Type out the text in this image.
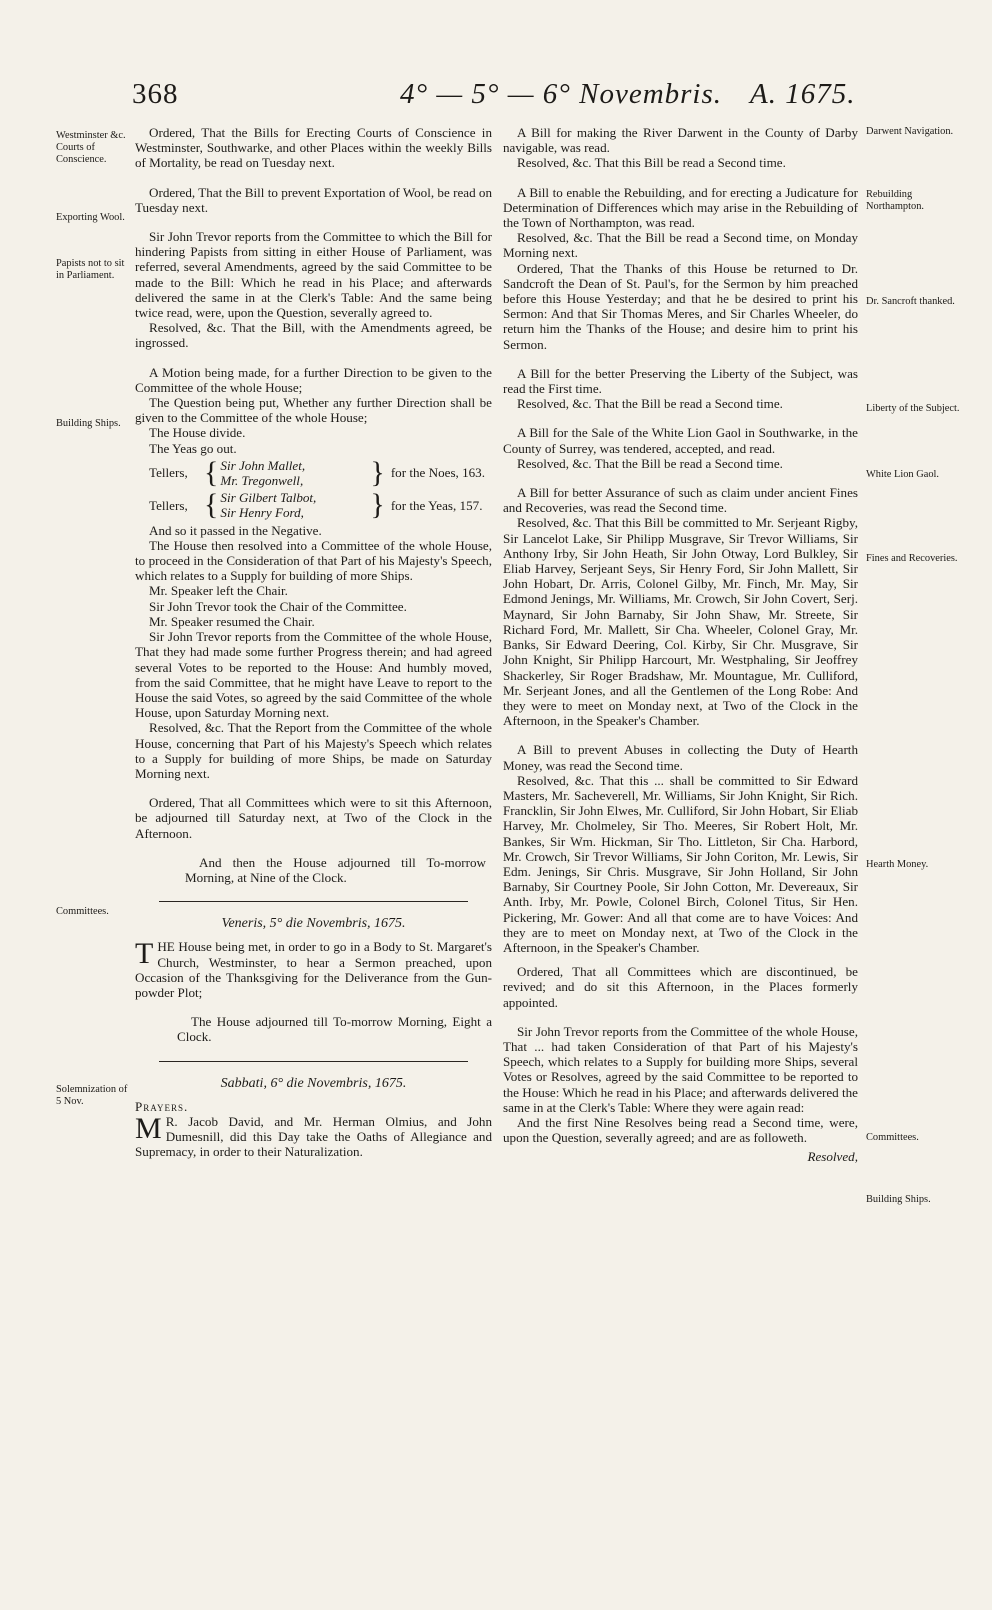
368	4° — 5° — 6° Novembris. A. 1675.
Westminster &c. Courts of Conscience.
Exporting Wool.
Papists not to sit in Parliament.
Building Ships.
Committees.
Solemnization of 5 Nov.
Darwent Navigation.
Rebuilding Northampton.
Dr. Sancroft thanked.
Liberty of the Subject.
White Lion Gaol.
Fines and Recoveries.
Hearth Money.
Committees.
Building Ships.

Ordered, That the Bills for Erecting Courts of Conscience in Westminster, Southwarke, and other Places within the weekly Bills of Mortality, be read on Tuesday next.

Ordered, That the Bill to prevent Exportation of Wool, be read on Tuesday next.

Sir John Trevor reports from the Committee to which the Bill for hindering Papists from sitting in either House of Parliament, was referred, several Amendments, agreed by the said Committee to be made to the Bill: Which he read in his Place; and afterwards delivered the same in at the Clerk's Table: And the same being twice read, were, upon the Question, severally agreed to.

Resolved, &c. That the Bill, with the Amendments agreed, be ingrossed.

A Motion being made, for a further Direction to be given to the Committee of the whole House;

The Question being put, Whether any further Direction shall be given to the Committee of the whole House;

The House divide.

The Yeas go out.

Tellers, { Sir John Mallet,
Mr. Tregonwell,	} for the Noes, 163.
Tellers, { Sir Gilbert Talbot,
Sir Henry Ford,	} for the Yeas, 157.

And so it passed in the Negative.

The House then resolved into a Committee of the whole House, to proceed in the Consideration of that Part of his Majesty's Speech, which relates to a Supply for building of more Ships.

Mr. Speaker left the Chair.

Sir John Trevor took the Chair of the Committee.

Mr. Speaker resumed the Chair.

Sir John Trevor reports from the Committee of the whole House, That they had made some further Progress therein; and had agreed several Votes to be reported to the House: And humbly moved, from the said Committee, that he might have Leave to report to the House the said Votes, so agreed by the said Committee of the whole House, upon Saturday Morning next.

Resolved, &c. That the Report from the Committee of the whole House, concerning that Part of his Majesty's Speech which relates to a Supply for building of more Ships, be made on Saturday Morning next.

Ordered, That all Committees which were to sit this Afternoon, be adjourned till Saturday next, at Two of the Clock in the Afternoon.

And then the House adjourned till To-morrow Morning, at Nine of the Clock.

Veneris, 5° die Novembris, 1675.

THE House being met, in order to go in a Body to St. Margaret's Church, Westminster, to hear a Sermon preached, upon Occasion of the Thanksgiving for the Deliverance from the Gun-powder Plot;

The House adjourned till To-morrow Morning, Eight a Clock.

Sabbati, 6° die Novembris, 1675.
Prayers.

M R. Jacob David, and Mr. Herman Olmius, and John Dumesnill, did this Day take the Oaths of Allegiance and Supremacy, in order to their Naturalization.

A Bill for making the River Darwent in the County of Darby navigable, was read.

Resolved, &c. That this Bill be read a Second time.

A Bill to enable the Rebuilding, and for erecting a Judicature for Determination of Differences which may arise in the Rebuilding of the Town of Northampton, was read.

Resolved, &c. That the Bill be read a Second time, on Monday Morning next.

Ordered, That the Thanks of this House be returned to Dr. Sandcroft the Dean of St. Paul's, for the Sermon by him preached before this House Yesterday; and that he be desired to print his Sermon: And that Sir Thomas Meres, and Sir Charles Wheeler, do return him the Thanks of the House; and desire him to print his Sermon.

A Bill for the better Preserving the Liberty of the Subject, was read the First time.

Resolved, &c. That the Bill be read a Second time.

A Bill for the Sale of the White Lion Gaol in Southwarke, in the County of Surrey, was tendered, accepted, and read.

Resolved, &c. That the Bill be read a Second time.

A Bill for better Assurance of such as claim under ancient Fines and Recoveries, was read the Second time.

Resolved, &c. That this Bill be committed to Mr. Serjeant Rigby, Sir Lancelot Lake, Sir Philipp Musgrave, Sir Trevor Williams, Sir Anthony Irby, Sir John Heath, Sir John Otway, Lord Bulkley, Sir Eliab Harvey, Serjeant Seys, Sir Henry Ford, Sir John Mallett, Sir John Hobart, Dr. Arris, Colonel Gilby, Mr. Finch, Mr. May, Sir Edmond Jenings, Mr. Williams, Mr. Crowch, Sir John Covert, Serj. Maynard, Sir John Barnaby, Sir John Shaw, Mr. Streete, Sir Richard Ford, Mr. Mallett, Sir Cha. Wheeler, Colonel Gray, Mr. Banks, Sir Edward Deering, Col. Kirby, Sir Chr. Musgrave, Sir John Knight, Sir Philipp Harcourt, Mr. Westphaling, Sir Jeoffrey Shackerley, Sir Roger Bradshaw, Mr. Mountague, Mr. Culliford, Mr. Serjeant Jones, and all the Gentlemen of the Long Robe: And they were to meet on Monday next, at Two of the Clock in the Afternoon, in the Speaker's Chamber.

A Bill to prevent Abuses in collecting the Duty of Hearth Money, was read the Second time.

Resolved, &c. That this ... shall be committed to Sir Edward Masters, Mr. Sacheverell, Mr. Williams, Sir John Knight, Sir Rich. Francklin, Sir John Elwes, Mr. Culliford, Sir John Hobart, Sir Eliab Harvey, Mr. Cholmeley, Sir Tho. Meeres, Sir Robert Holt, Mr. Bankes, Sir Wm. Hickman, Sir Tho. Littleton, Sir Cha. Harbord, Mr. Crowch, Sir Trevor Williams, Sir John Coriton, Mr. Lewis, Sir Edm. Jenings, Sir Chris. Musgrave, Sir John Holland, Sir John Barnaby, Sir Courtney Poole, Sir John Cotton, Mr. Devereaux, Sir Anth. Irby, Mr. Powle, Colonel Birch, Colonel Titus, Sir Hen. Pickering, Mr. Gower: And all that come are to have Voices: And they are to meet on Monday next, at Two of the Clock in the Afternoon, in the Speaker's Chamber.

Ordered, That all Committees which are discontinued, be revived; and do sit this Afternoon, in the Places formerly appointed.

Sir John Trevor reports from the Committee of the whole House, That ... had taken Consideration of that Part of his Majesty's Speech, which relates to a Supply for building more Ships, several Votes or Resolves, agreed by the said Committee to be reported to the House: Which he read in his Place; and afterwards delivered the same in at the Clerk's Table: Where they were again read:

And the first Nine Resolves being read a Second time, were, upon the Question, severally agreed; and are as followeth.

Resolved,
